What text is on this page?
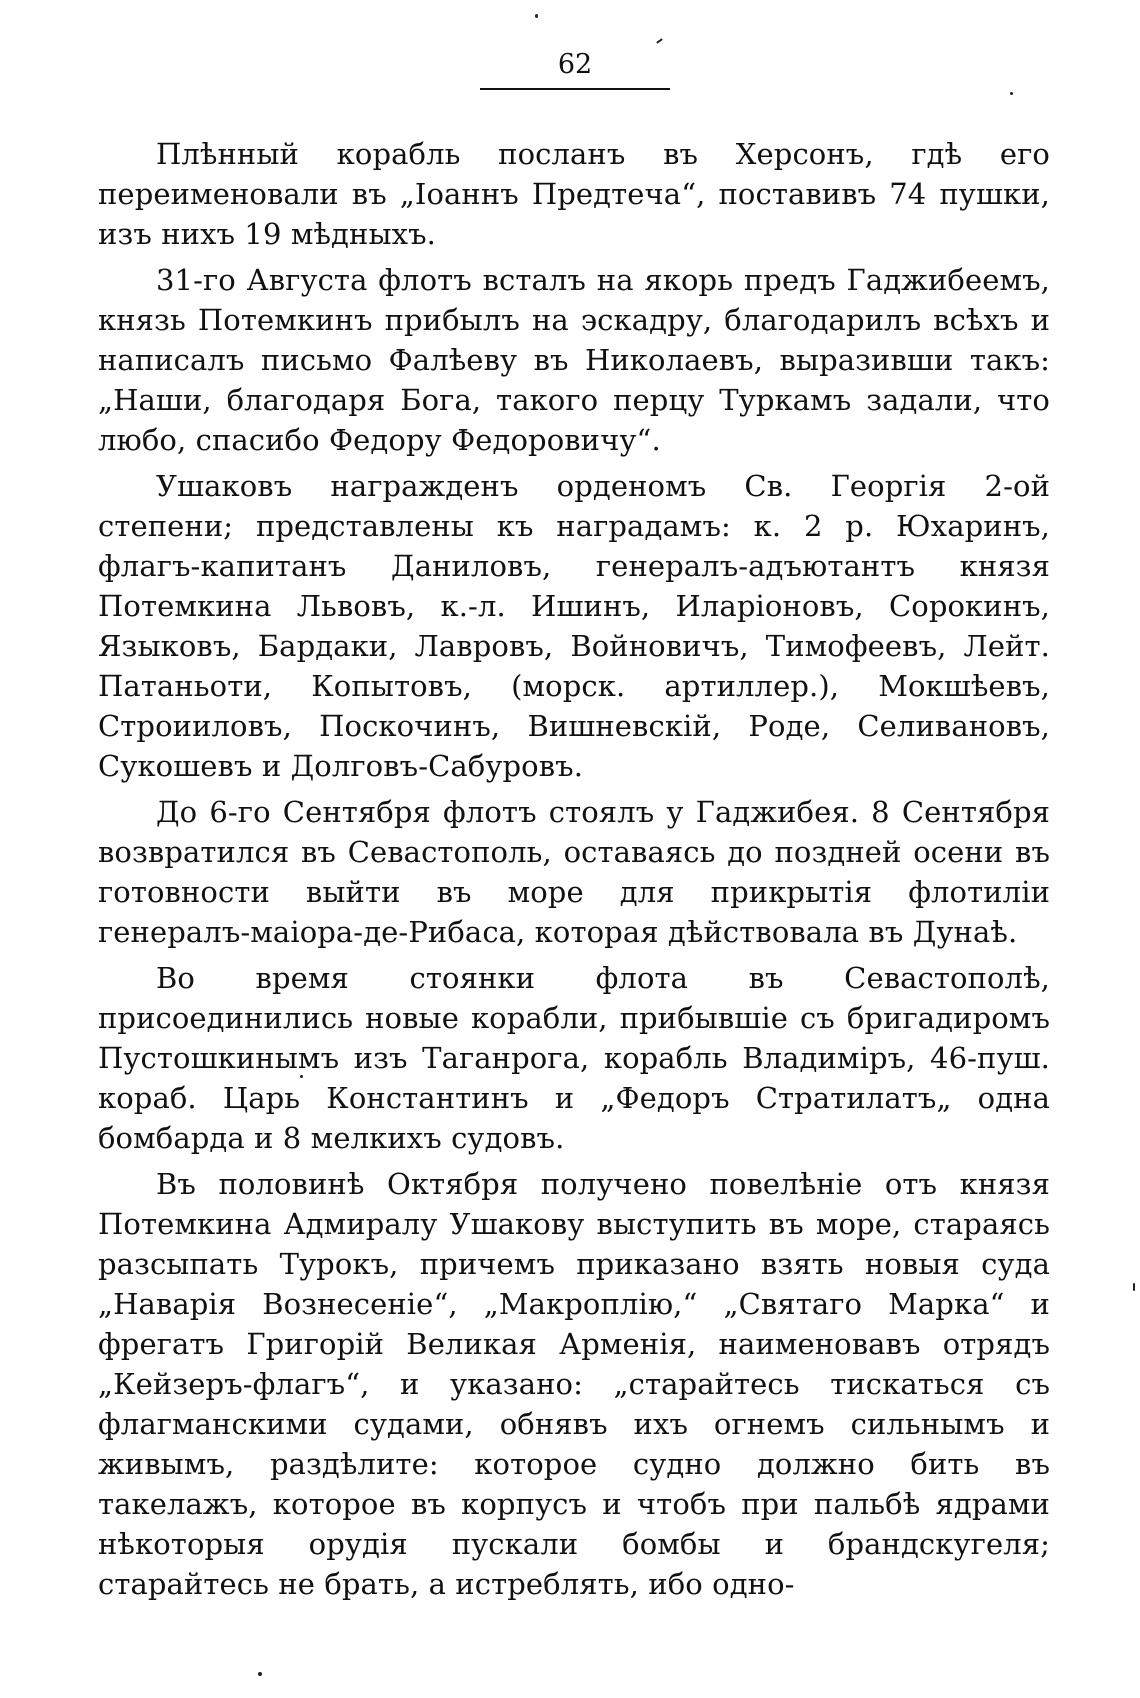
62

Плѣнный корабль посланъ въ Херсонъ, гдѣ его переименовали въ „Іоаннъ Предтеча“, поставивъ 74 пушки, изъ нихъ 19 мѣдныхъ.

31-го Августа флотъ всталъ на якорь предъ Гаджибеемъ, князь Потемкинъ прибылъ на эскадру, благодарилъ всѣхъ и написалъ письмо Фалѣеву въ Николаевъ, выразивши такъ: „Наши, благодаря Бога, такого перцу Туркамъ задали, что любо, спасибо Федору Федоровичу“.

Ушаковъ награжденъ орденомъ Св. Георгія 2-ой степени; представлены къ наградамъ: к. 2 р. Юхаринъ, флагъ-капитанъ Даниловъ, генералъ-адъютантъ князя Потемкина Львовъ, к.-л. Ишинъ, Иларіоновъ, Сорокинъ, Языковъ, Бардаки, Лавровъ, Войновичъ, Тимофеевъ, Лейт. Патаньоти, Копытовъ, (морск. артиллер.), Мокшѣевъ, Строииловъ, Поскочинъ, Вишневскій, Роде, Селивановъ, Сукошевъ и Долговъ-Сабуровъ.

До 6-го Сентября флотъ стоялъ у Гаджибея. 8 Сентября возвратился въ Севастополь, оставаясь до поздней осени въ готовности выйти въ море для прикрытія флотиліи генералъ-маіора-де-Рибаса, которая дѣйствовала въ Дунаѣ.

Во время стоянки флота въ Севастополѣ, присоединились новые корабли, прибывшіе съ бригадиромъ Пустошкинымъ изъ Таганрога, корабль Владиміръ, 46-пуш. кораб. Царь Константинъ и „Федоръ Стратилатъ„ одна бомбарда и 8 мелкихъ судовъ.

Въ половинѣ Октября получено повелѣніе отъ князя Потемкина Адмиралу Ушакову выступить въ море, стараясь разсыпать Турокъ, причемъ приказано взять новыя суда „Наварія Вознесеніе“, „Макроплію,“ „Святаго Марка“ и фрегатъ Григорій Великая Арменія, наименовавъ отрядъ „Кейзеръ-флагъ“, и указано: „старайтесь тискаться съ флагманскими судами, обнявъ ихъ огнемъ сильнымъ и живымъ, раздѣлите: которое судно должно бить въ такелажъ, которое въ корпусъ и чтобъ при пальбѣ ядрами нѣкоторыя орудія пускали бомбы и брандскугеля; старайтесь не брать, а истреблять, ибо одно-
